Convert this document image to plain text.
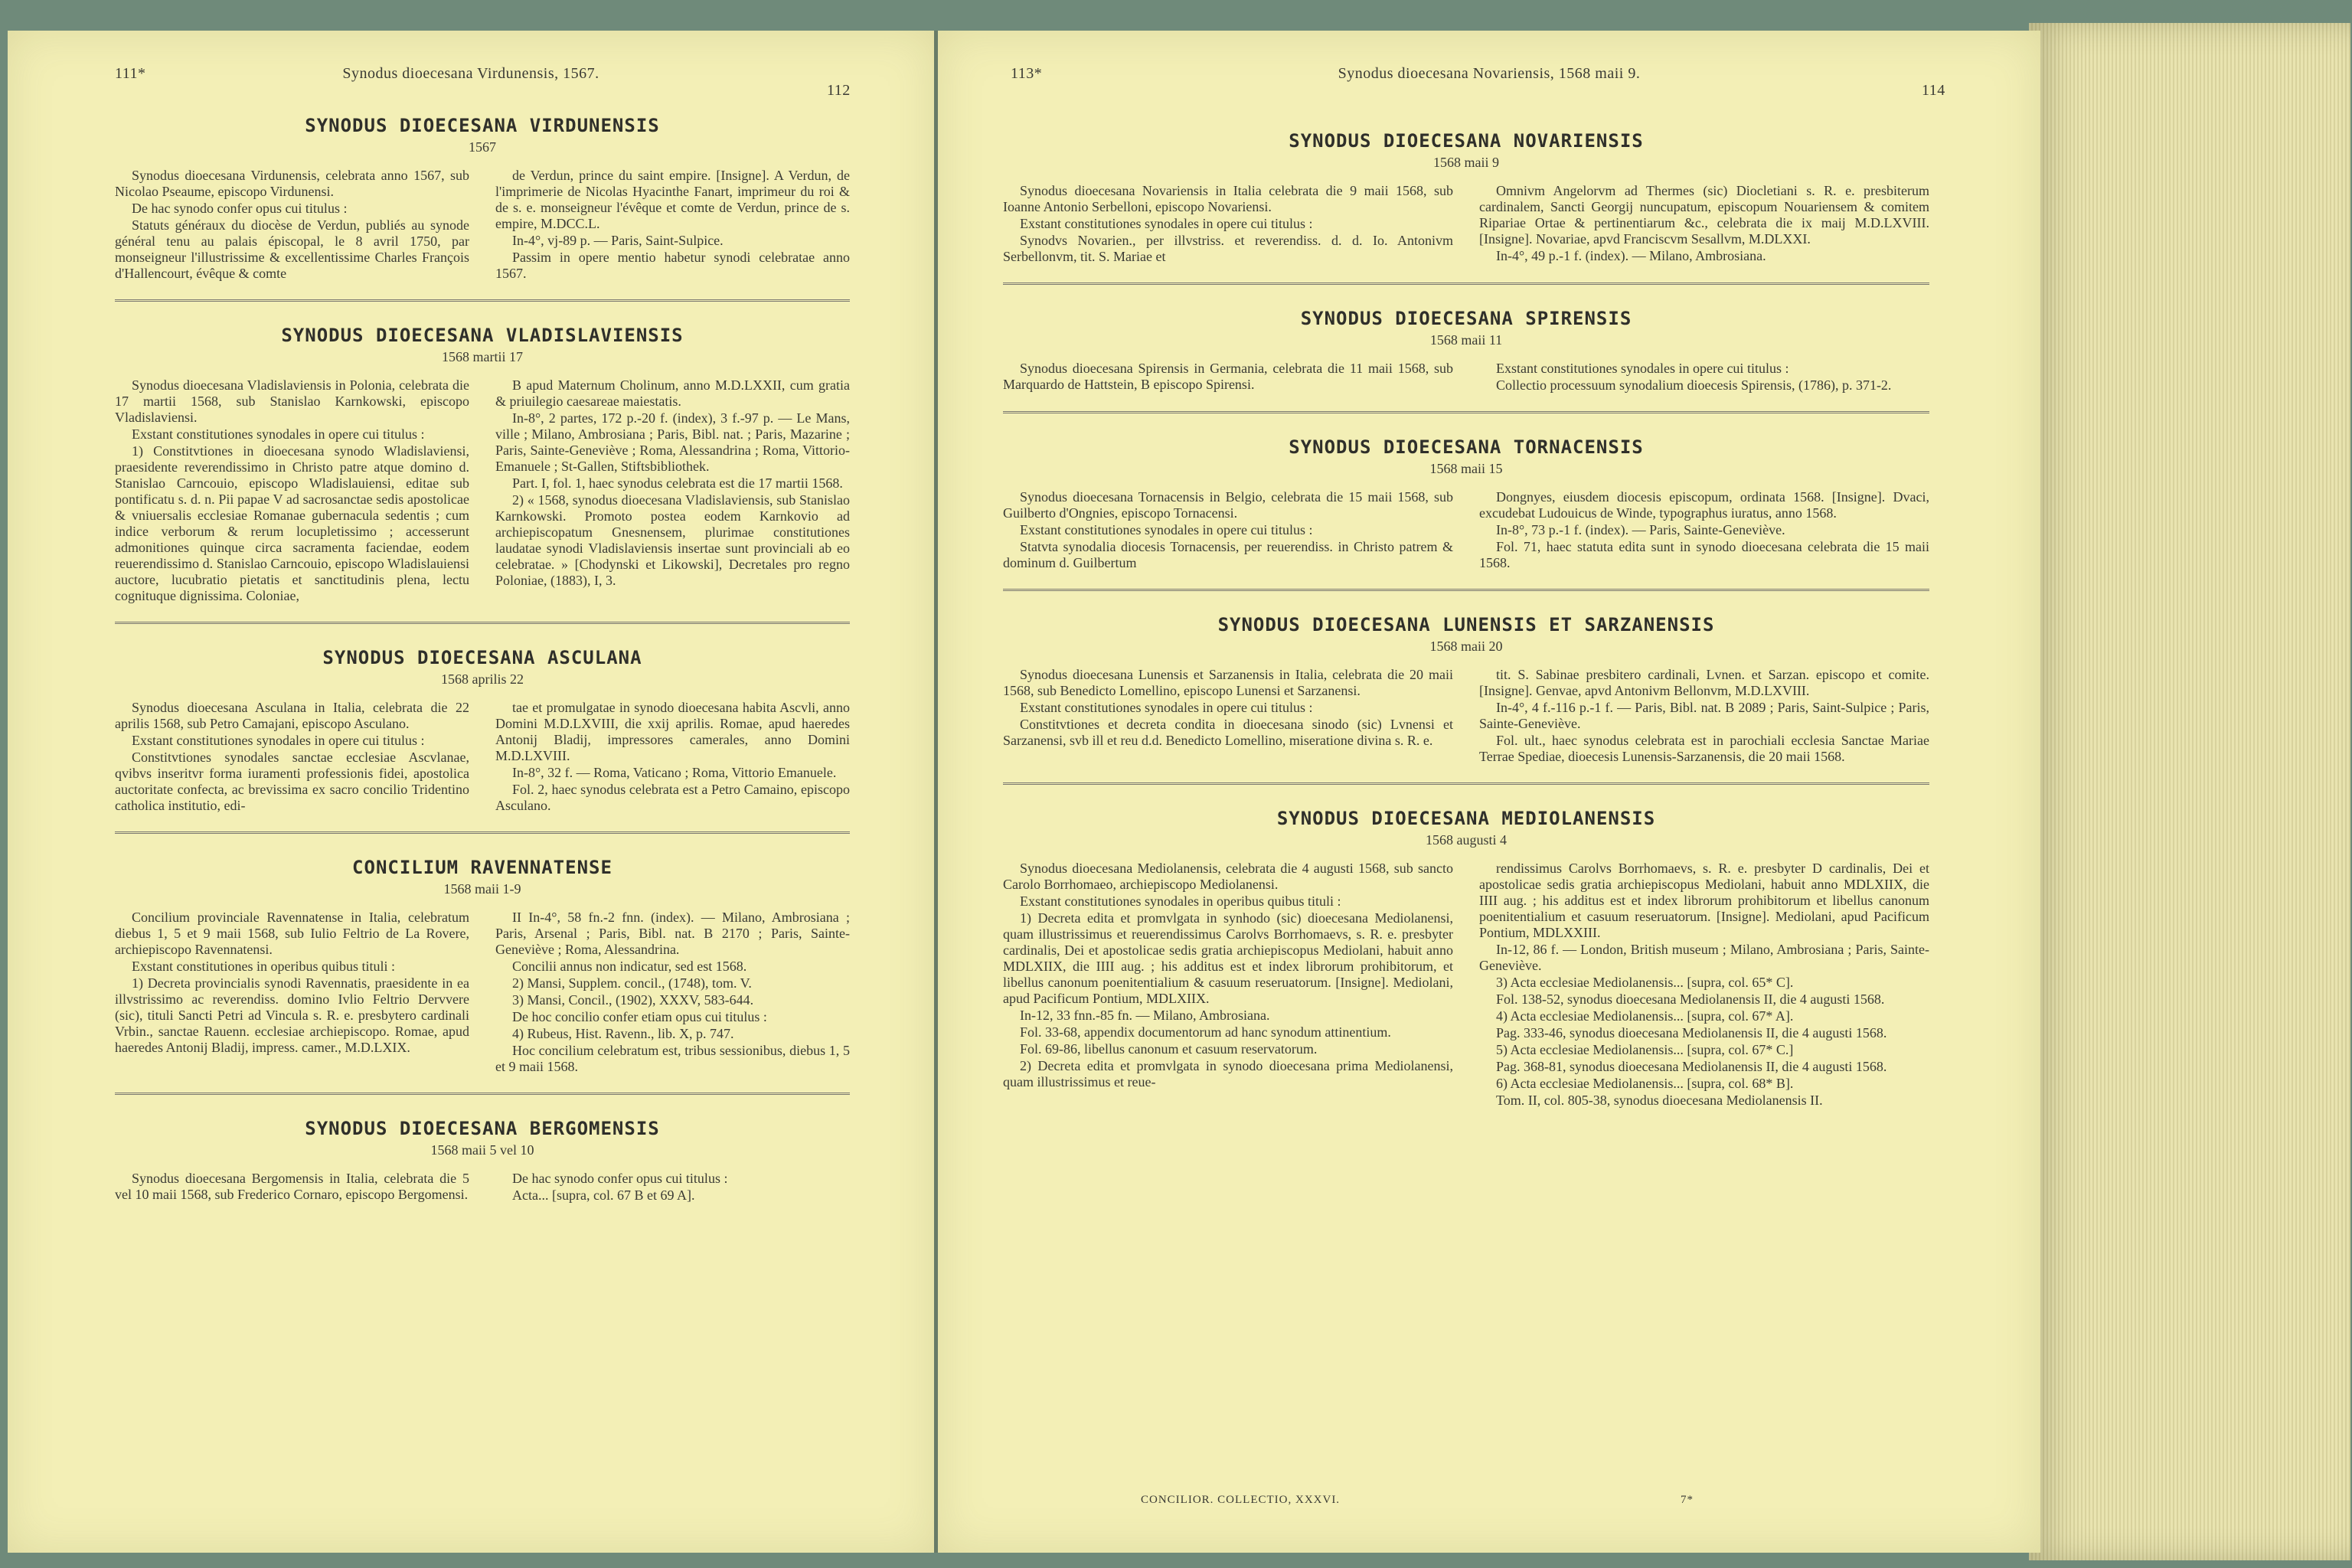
111*	Synodus dioecesana Virdunensis, 1567.
112
SYNODUS DIOECESANA VIRDUNENSIS
1567

Synodus dioecesana Virdunensis, celebrata anno 1567, sub Nicolao Pseaume, episcopo Virdunensi.

De hac synodo confer opus cui titulus :

Statuts généraux du diocèse de Verdun, publiés au synode général tenu au palais épiscopal, le 8 avril 1750, par monseigneur l'illustrissime & excellentissime Charles François d'Hallencourt, évêque & comte

de Verdun, prince du saint empire. [Insigne]. A Verdun, de l'imprimerie de Nicolas Hyacinthe Fanart, imprimeur du roi & de s. e. monseigneur l'évêque et comte de Verdun, prince de s. empire, M.DCC.L.

In-4°, vj-89 p. — Paris, Saint-Sulpice.

Passim in opere mentio habetur synodi celebratae anno 1567.

SYNODUS DIOECESANA VLADISLAVIENSIS
1568 martii 17

Synodus dioecesana Vladislaviensis in Polonia, celebrata die 17 martii 1568, sub Stanislao Karnkowski, episcopo Vladislaviensi.

Exstant constitutiones synodales in opere cui titulus :

1) Constitvtiones in dioecesana synodo Wladislaviensi, praesidente reverendissimo in Christo patre atque domino d. Stanislao Carncouio, episcopo Wladislauiensi, editae sub pontificatu s. d. n. Pii papae V ad sacrosanctae sedis apostolicae & vniuersalis ecclesiae Romanae gubernacula sedentis ; cum indice verborum & rerum locupletissimo ; accesserunt admonitiones quinque circa sacramenta faciendae, eodem reuerendissimo d. Stanislao Carncouio, episcopo Wladislauiensi auctore, lucubratio pietatis et sanctitudinis plena, lectu cognituque dignissima. Coloniae,

B apud Maternum Cholinum, anno M.D.LXXII, cum gratia & priuilegio caesareae maiestatis.

In-8°, 2 partes, 172 p.-20 f. (index), 3 f.-97 p. — Le Mans, ville ; Milano, Ambrosiana ; Paris, Bibl. nat. ; Paris, Mazarine ; Paris, Sainte-Geneviève ; Roma, Alessandrina ; Roma, Vittorio-Emanuele ; St-Gallen, Stiftsbibliothek.

Part. I, fol. 1, haec synodus celebrata est die 17 martii 1568.

2) « 1568, synodus dioecesana Vladislaviensis, sub Stanislao Karnkowski. Promoto postea eodem Karnkovio ad archiepiscopatum Gnesnensem, plurimae constitutiones laudatae synodi Vladislaviensis insertae sunt provinciali ab eo celebratae. » [Chodynski et Likowski], Decretales pro regno Poloniae, (1883), I, 3.

SYNODUS DIOECESANA ASCULANA
1568 aprilis 22

Synodus dioecesana Asculana in Italia, celebrata die 22 aprilis 1568, sub Petro Camajani, episcopo Asculano.

Exstant constitutiones synodales in opere cui titulus :

Constitvtiones synodales sanctae ecclesiae Ascvlanae, qvibvs inseritvr forma iuramenti professionis fidei, apostolica auctoritate confecta, ac brevissima ex sacro concilio Tridentino catholica institutio, edi-

tae et promulgatae in synodo dioecesana habita Ascvli, anno Domini M.D.LXVIII, die xxij aprilis. Romae, apud haeredes Antonij Bladij, impressores camerales, anno Domini M.D.LXVIII.

In-8°, 32 f. — Roma, Vaticano ; Roma, Vittorio Emanuele.

Fol. 2, haec synodus celebrata est a Petro Camaino, episcopo Asculano.

CONCILIUM RAVENNATENSE
1568 maii 1-9

Concilium provinciale Ravennatense in Italia, celebratum diebus 1, 5 et 9 maii 1568, sub Iulio Feltrio de La Rovere, archiepiscopo Ravennatensi.

Exstant constitutiones in operibus quibus tituli :

1) Decreta provincialis synodi Ravennatis, praesidente in ea illvstrissimo ac reverendiss. domino Ivlio Feltrio Dervvere (sic), tituli Sancti Petri ad Vincula s. R. e. presbytero cardinali Vrbin., sanctae Rauenn. ecclesiae archiepiscopo. Romae, apud haeredes Antonij Bladij, impress. camer., M.D.LXIX.

II In-4°, 58 fn.-2 fnn. (index). — Milano, Ambrosiana ; Paris, Arsenal ; Paris, Bibl. nat. B 2170 ; Paris, Sainte-Geneviève ; Roma, Alessandrina.

Concilii annus non indicatur, sed est 1568.

2) Mansi, Supplem. concil., (1748), tom. V.

3) Mansi, Concil., (1902), XXXV, 583-644.

De hoc concilio confer etiam opus cui titulus :

4) Rubeus, Hist. Ravenn., lib. X, p. 747.

Hoc concilium celebratum est, tribus sessionibus, diebus 1, 5 et 9 maii 1568.

SYNODUS DIOECESANA BERGOMENSIS
1568 maii 5 vel 10

Synodus dioecesana Bergomensis in Italia, celebrata die 5 vel 10 maii 1568, sub Frederico Cornaro, episcopo Bergomensi.

De hac synodo confer opus cui titulus :

Acta... [supra, col. 67 B et 69 A].

113*	Synodus dioecesana Novariensis, 1568 maii 9.
114
SYNODUS DIOECESANA NOVARIENSIS
1568 maii 9

Synodus dioecesana Novariensis in Italia celebrata die 9 maii 1568, sub Ioanne Antonio Serbelloni, episcopo Novariensi.

Exstant constitutiones synodales in opere cui titulus :

Synodvs Novarien., per illvstriss. et reverendiss. d. d. Io. Antonivm Serbellonvm, tit. S. Mariae et

Omnivm Angelorvm ad Thermes (sic) Diocletiani s. R. e. presbiterum cardinalem, Sancti Georgij nuncupatum, episcopum Nouariensem & comitem Ripariae Ortae & pertinentiarum &c., celebrata die ix maij M.D.LXVIII. [Insigne]. Novariae, apvd Franciscvm Sesallvm, M.DLXXI.

In-4°, 49 p.-1 f. (index). — Milano, Ambrosiana.

SYNODUS DIOECESANA SPIRENSIS
1568 maii 11

Synodus dioecesana Spirensis in Germania, celebrata die 11 maii 1568, sub Marquardo de Hattstein, B episcopo Spirensi.

Exstant constitutiones synodales in opere cui titulus :

Collectio processuum synodalium dioecesis Spirensis, (1786), p. 371-2.

SYNODUS DIOECESANA TORNACENSIS
1568 maii 15

Synodus dioecesana Tornacensis in Belgio, celebrata die 15 maii 1568, sub Guilberto d'Ongnies, episcopo Tornacensi.

Exstant constitutiones synodales in opere cui titulus :

Statvta synodalia diocesis Tornacensis, per reuerendiss. in Christo patrem & dominum d. Guilbertum

Dongnyes, eiusdem diocesis episcopum, ordinata 1568. [Insigne]. Dvaci, excudebat Ludouicus de Winde, typographus iuratus, anno 1568.

In-8°, 73 p.-1 f. (index). — Paris, Sainte-Geneviève.

Fol. 71, haec statuta edita sunt in synodo dioecesana celebrata die 15 maii 1568.

SYNODUS DIOECESANA LUNENSIS ET SARZANENSIS
1568 maii 20

Synodus dioecesana Lunensis et Sarzanensis in Italia, celebrata die 20 maii 1568, sub Benedicto Lomellino, episcopo Lunensi et Sarzanensi.

Exstant constitutiones synodales in opere cui titulus :

Constitvtiones et decreta condita in dioecesana sinodo (sic) Lvnensi et Sarzanensi, svb ill et reu d.d. Benedicto Lomellino, miseratione divina s. R. e.

tit. S. Sabinae presbitero cardinali, Lvnen. et Sarzan. episcopo et comite. [Insigne]. Genvae, apvd Antonivm Bellonvm, M.D.LXVIII.

In-4°, 4 f.-116 p.-1 f. — Paris, Bibl. nat. B 2089 ; Paris, Saint-Sulpice ; Paris, Sainte-Geneviève.

Fol. ult., haec synodus celebrata est in parochiali ecclesia Sanctae Mariae Terrae Spediae, dioecesis Lunensis-Sarzanensis, die 20 maii 1568.

SYNODUS DIOECESANA MEDIOLANENSIS
1568 augusti 4

Synodus dioecesana Mediolanensis, celebrata die 4 augusti 1568, sub sancto Carolo Borrhomaeo, archiepiscopo Mediolanensi.

Exstant constitutiones synodales in operibus quibus tituli :

1) Decreta edita et promvlgata in synhodo (sic) dioecesana Mediolanensi, quam illustrissimus et reuerendissimus Carolvs Borrhomaevs, s. R. e. presbyter cardinalis, Dei et apostolicae sedis gratia archiepiscopus Mediolani, habuit anno MDLXIIX, die IIII aug. ; his additus est et index librorum prohibitorum, et libellus canonum poenitentialium & casuum reseruatorum. [Insigne]. Mediolani, apud Pacificum Pontium, MDLXIIX.

In-12, 33 fnn.-85 fn. — Milano, Ambrosiana.

Fol. 33-68, appendix documentorum ad hanc synodum attinentium.

Fol. 69-86, libellus canonum et casuum reservatorum.

2) Decreta edita et promvlgata in synodo dioecesana prima Mediolanensi, quam illustrissimus et reue-

rendissimus Carolvs Borrhomaevs, s. R. e. presbyter D cardinalis, Dei et apostolicae sedis gratia archiepiscopus Mediolani, habuit anno MDLXIIX, die IIII aug. ; his additus est et index librorum prohibitorum et libellus canonum poenitentialium et casuum reseruatorum. [Insigne]. Mediolani, apud Pacificum Pontium, MDLXXIII.

In-12, 86 f. — London, British museum ; Milano, Ambrosiana ; Paris, Sainte-Geneviève.

3) Acta ecclesiae Mediolanensis... [supra, col. 65* C].

Fol. 138-52, synodus dioecesana Mediolanensis II, die 4 augusti 1568.

4) Acta ecclesiae Mediolanensis... [supra, col. 67* A].

Pag. 333-46, synodus dioecesana Mediolanensis II, die 4 augusti 1568.

5) Acta ecclesiae Mediolanensis... [supra, col. 67* C.]

Pag. 368-81, synodus dioecesana Mediolanensis II, die 4 augusti 1568.

6) Acta ecclesiae Mediolanensis... [supra, col. 68* B].

Tom. II, col. 805-38, synodus dioecesana Mediolanensis II.

CONCILIOR. COLLECTIO, XXXVI.	7*
